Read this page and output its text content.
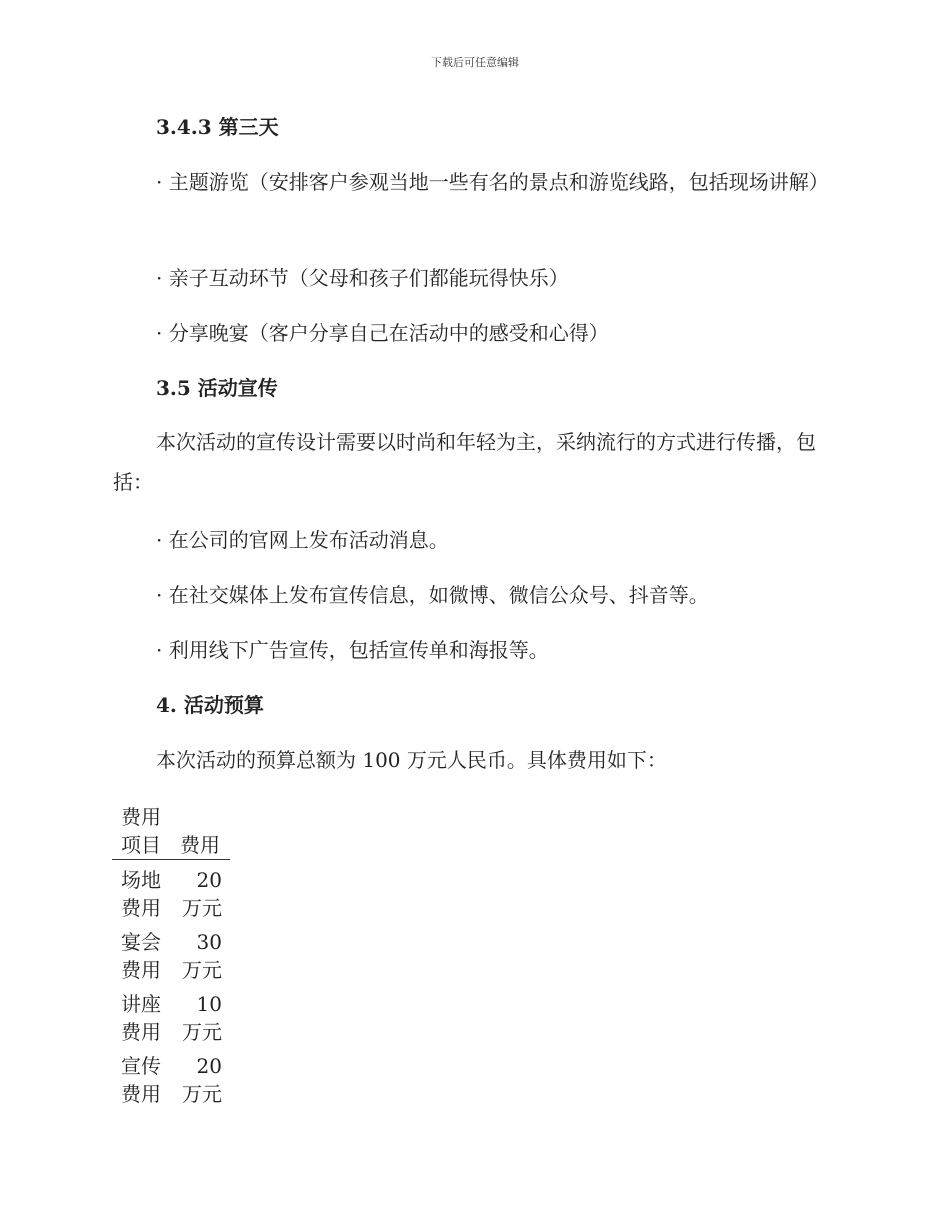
下载后可任意编辑
3.4.3 第三天
· 主题游览（安排客户参观当地一些有名的景点和游览线路，包括现场讲解）
· 亲子互动环节（父母和孩子们都能玩得快乐）
· 分享晚宴（客户分享自己在活动中的感受和心得）
3.5 活动宣传
本次活动的宣传设计需要以时尚和年轻为主，采纳流行的方式进行传播，包括：
· 在公司的官网上发布活动消息。
· 在社交媒体上发布宣传信息，如微博、微信公众号、抖音等。
· 利用线下广告宣传，包括宣传单和海报等。
4. 活动预算
本次活动的预算总额为 100 万元人民币。具体费用如下：
费用项目	费用

场地费用	20 万元

宴会费用	30 万元

讲座费用	10 万元

宣传费用	20 万元
